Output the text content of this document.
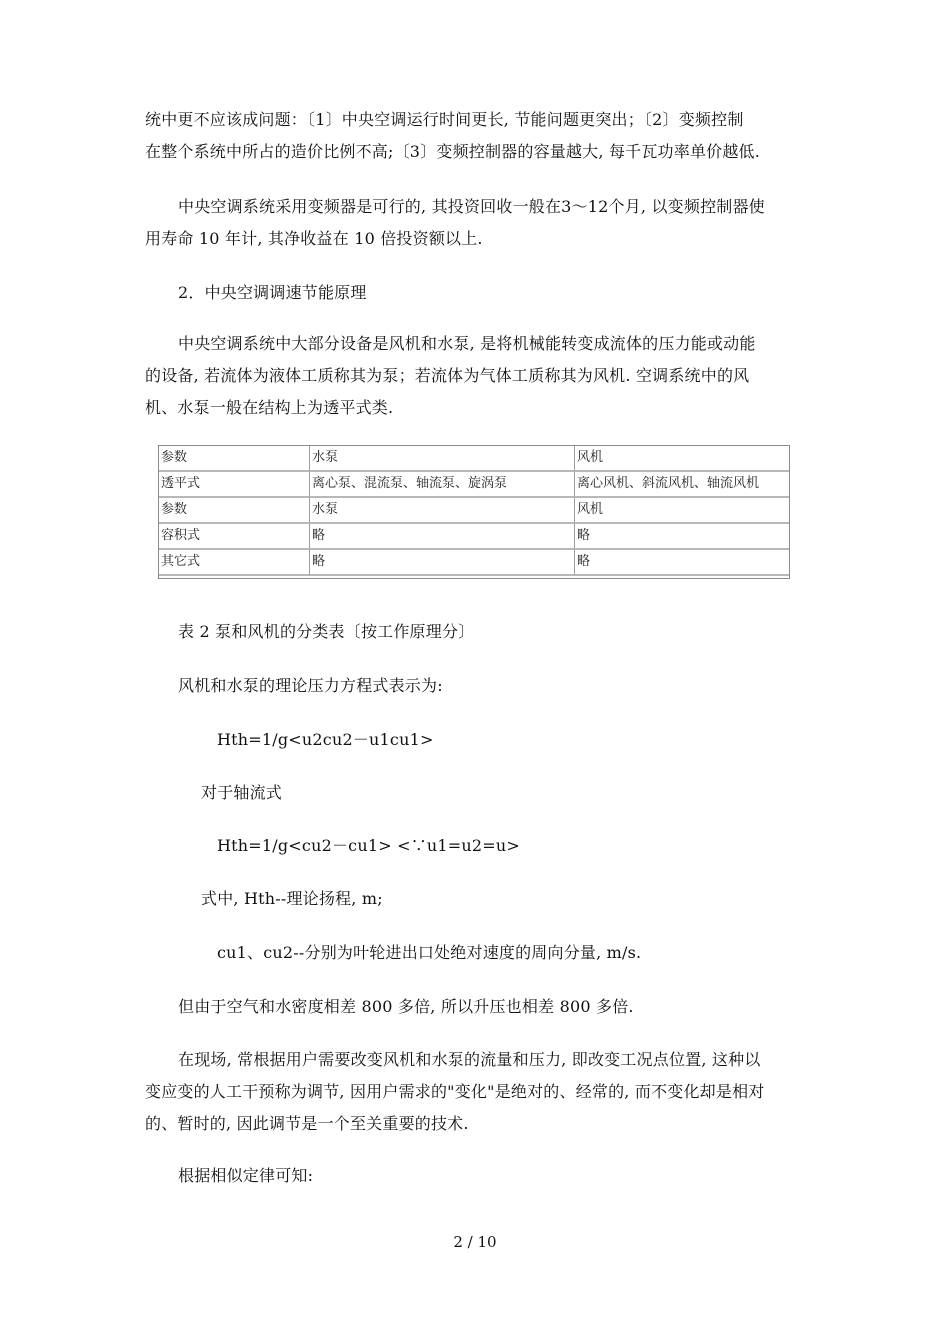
统中更不应该成问题：〔1〕中央空调运行时间更长, 节能问题更突出；〔2〕变频控制
在整个系统中所占的造价比例不高;〔3〕变频控制器的容量越大, 每千瓦功率单价越低.
中央空调系统采用变频器是可行的, 其投资回收一般在3～12个月, 以变频控制器使
用寿命 10 年计, 其净收益在 10 倍投资额以上.
2．中央空调调速节能原理
中央空调系统中大部分设备是风机和水泵, 是将机械能转变成流体的压力能或动能
的设备, 若流体为液体工质称其为泵；若流体为气体工质称其为风机. 空调系统中的风
机、水泵一般在结构上为透平式类.
参数	水泵	风机
透平式	离心泵、混流泵、轴流泵、旋涡泵	离心风机、斜流风机、轴流风机
参数	水泵	风机
容积式	略	略
其它式	略	略
表 2 泵和风机的分类表〔按工作原理分〕
风机和水泵的理论压力方程式表示为:
Hth=1/g<u2cu2－u1cu1>
对于轴流式
Hth=1/g<cu2－cu1> <∵u1=u2=u>
式中, Hth--理论扬程, m;
cu1、cu2--分别为叶轮进出口处绝对速度的周向分量, m/s.
但由于空气和水密度相差 800 多倍, 所以升压也相差 800 多倍.
在现场, 常根据用户需要改变风机和水泵的流量和压力, 即改变工况点位置, 这种以
变应变的人工干预称为调节, 因用户需求的"变化"是绝对的、经常的, 而不变化却是相对
的、暂时的, 因此调节是一个至关重要的技术.
根据相似定律可知:
2 / 10
